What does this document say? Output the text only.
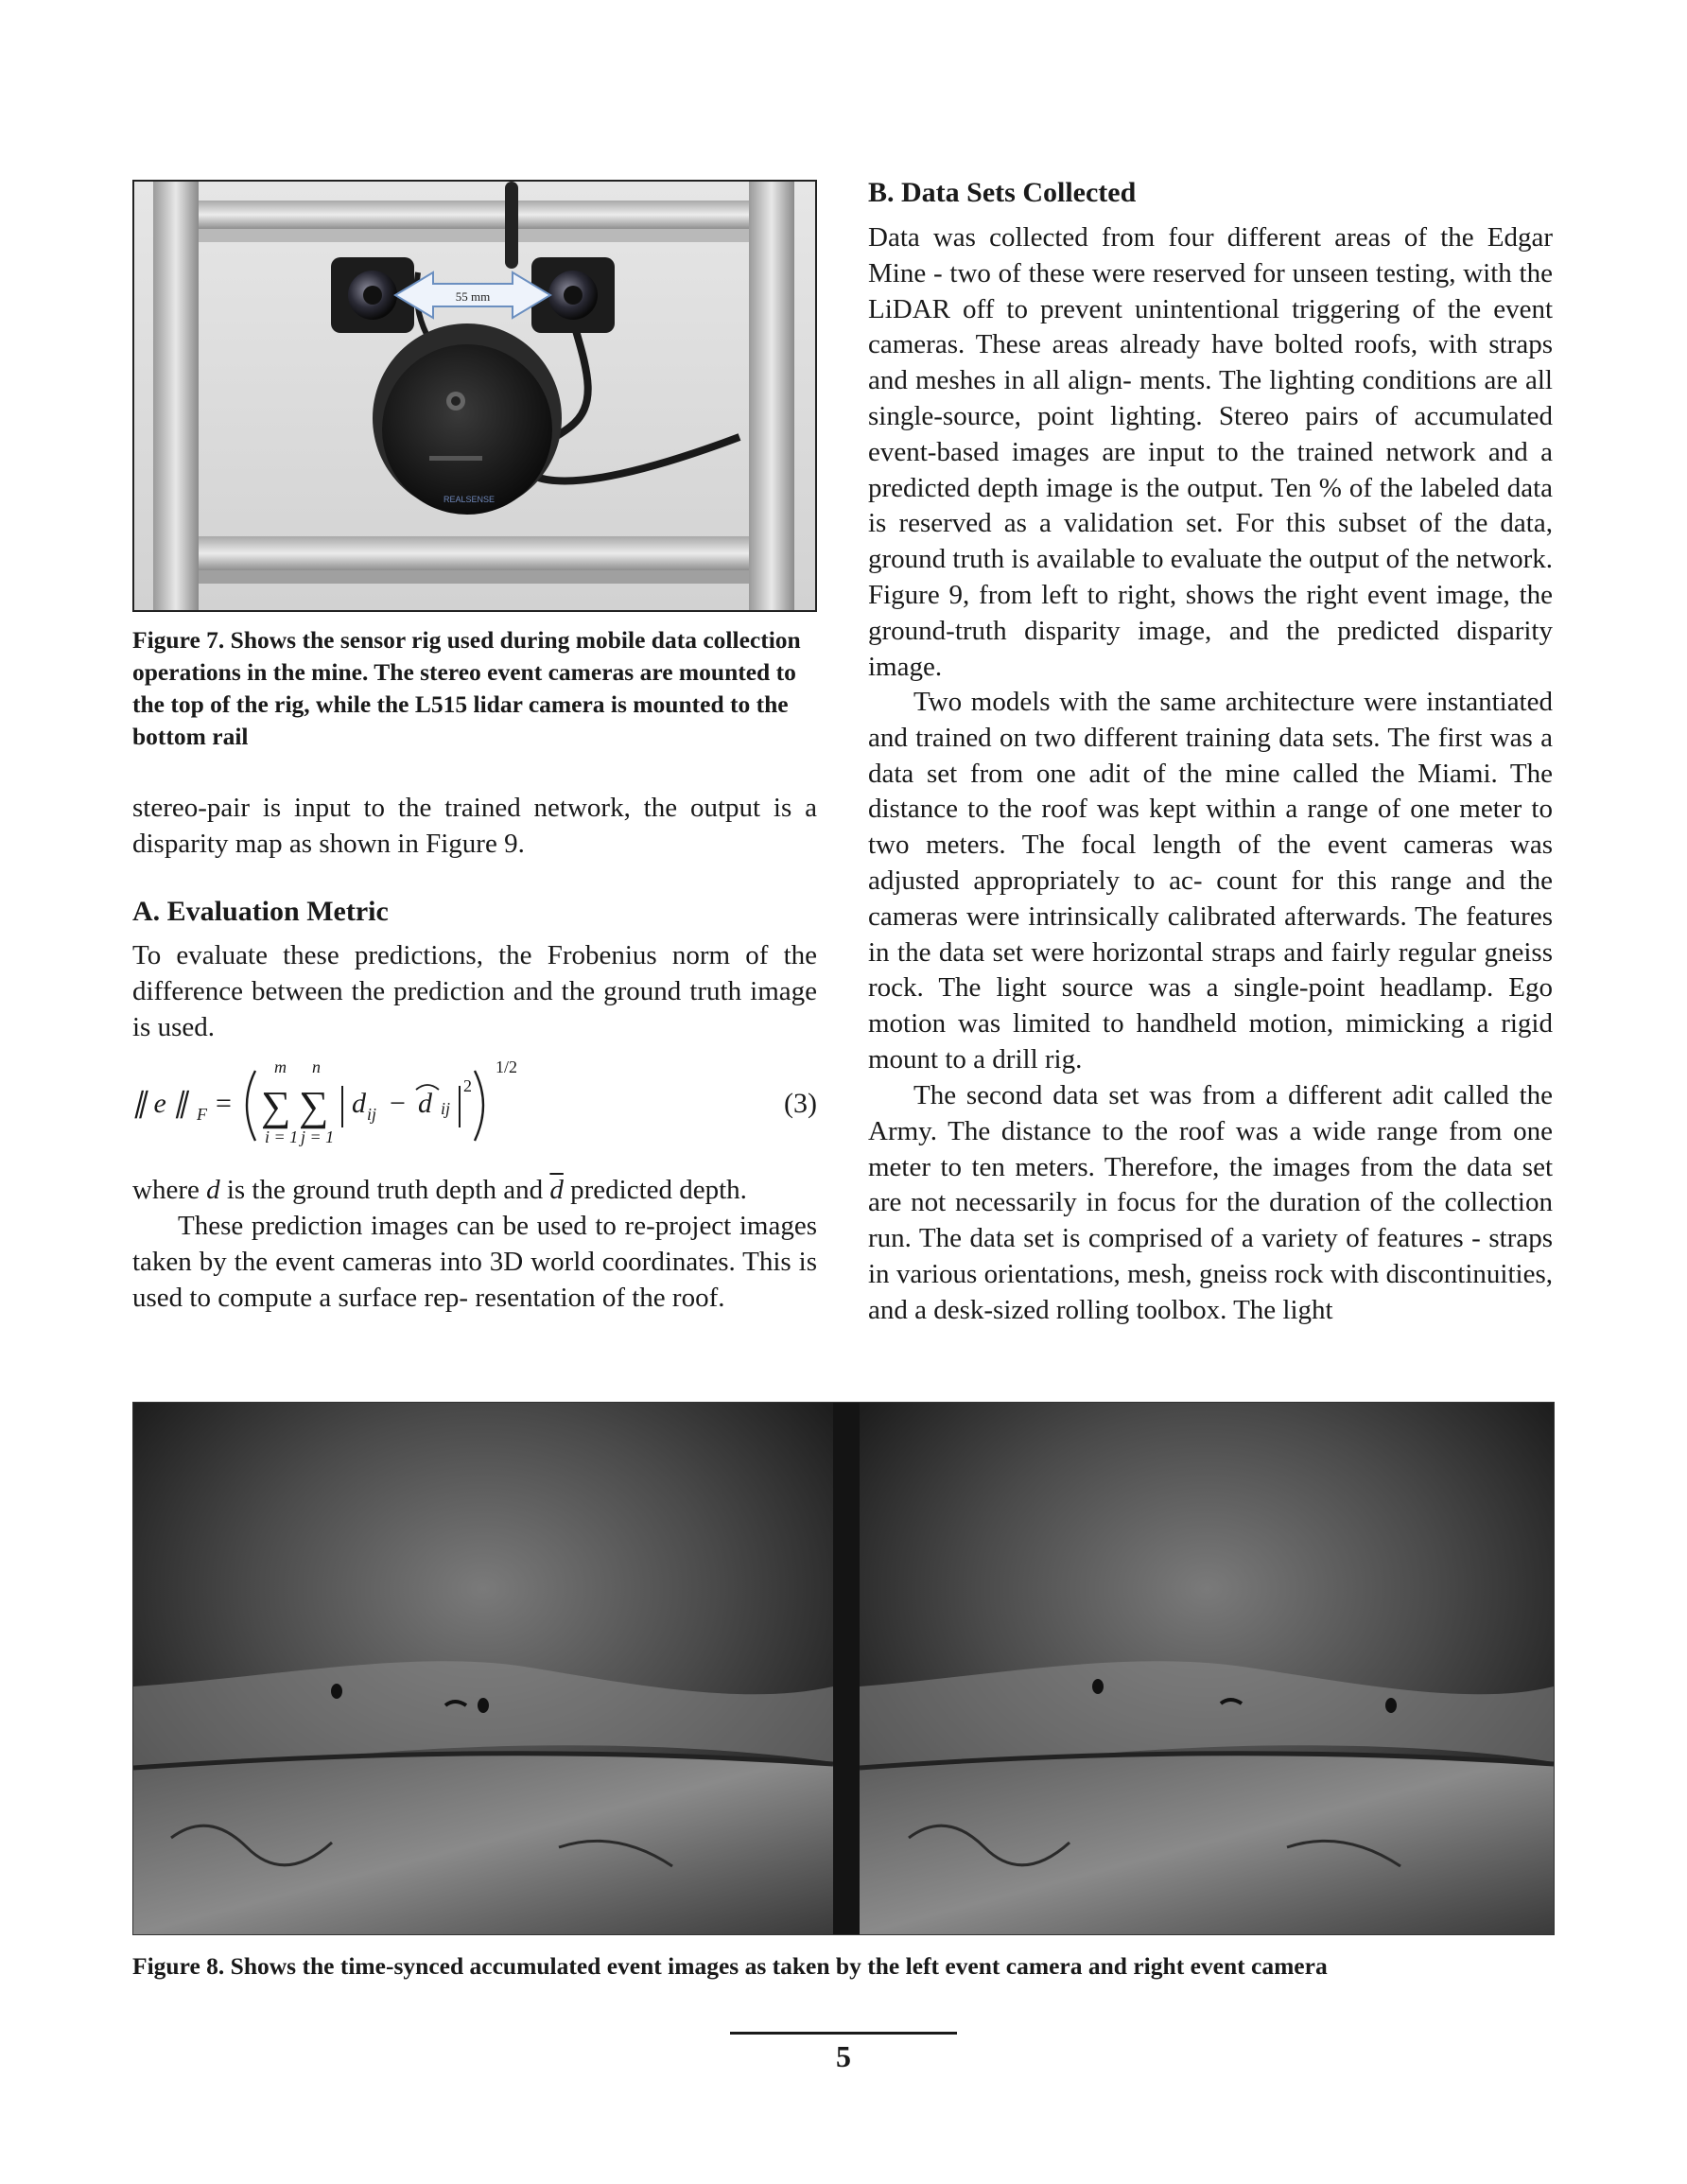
55 mm
REALSENSE

Figure 7. Shows the sensor rig used during mobile data collection operations in the mine. The stereo event cameras are mounted to the top of the rig, while the L515 lidar camera is mounted to the bottom rail

stereo-pair is input to the trained network, the output is a disparity map as shown in Figure 9.

A. Evaluation Metric

To evaluate these predictions, the Frobenius norm of the difference between the prediction and the ground truth image is used.

∥ e ∥ F =
m
∑
i = 1
n
∑
j = 1
d ij − d ij
2
1/2
(3)

where d is the ground truth depth and $\overline{d}$ predicted depth.

These prediction images can be used to re-project images taken by the event cameras into 3D world coordinates. This is used to compute a surface rep- resentation of the roof.

B. Data Sets Collected

Data was collected from four different areas of the Edgar Mine - two of these were reserved for unseen testing, with the LiDAR off to prevent unintentional triggering of the event cameras. These areas already have bolted roofs, with straps and meshes in all align- ments. The lighting conditions are all single-source, point lighting. Stereo pairs of accumulated event-based images are input to the trained network and a predicted depth image is the output. Ten % of the labeled data is reserved as a validation set. For this subset of the data, ground truth is available to evaluate the output of the network. Figure 9, from left to right, shows the right event image, the ground-truth disparity image, and the predicted disparity image.

Two models with the same architecture were instantiated and trained on two different training data sets. The first was a data set from one adit of the mine called the Miami. The distance to the roof was kept within a range of one meter to two meters. The focal length of the event cameras was adjusted appropriately to ac- count for this range and the cameras were intrinsically calibrated afterwards. The features in the data set were horizontal straps and fairly regular gneiss rock. The light source was a single-point headlamp. Ego motion was limited to handheld motion, mimicking a rigid mount to a drill rig.

The second data set was from a different adit called the Army. The distance to the roof was a wide range from one meter to ten meters. Therefore, the images from the data set are not necessarily in focus for the duration of the collection run. The data set is comprised of a variety of features - straps in various orientations, mesh, gneiss rock with discontinuities, and a desk-sized rolling toolbox. The light

Figure 8. Shows the time-synced accumulated event images as taken by the left event camera and right event camera

5
